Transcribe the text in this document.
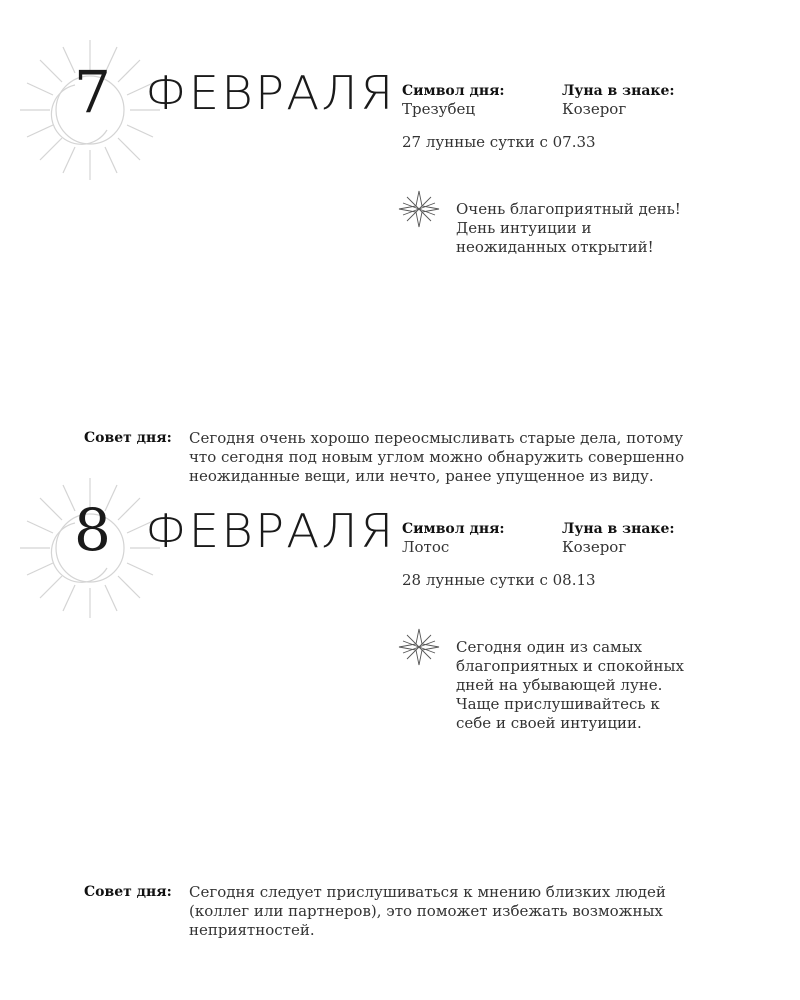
7 ФЕВРАЛЯ Символ дня:
Трезубец
Луна в знаке:
Козерог
27 лунные сутки с 07.33
Очень благоприятный день! День интуиции и неожиданных открытий!
Совет дня: Сегодня очень хорошо переосмысливать старые дела, потому что сегодня под новым углом можно обнаружить совершенно неожиданные вещи, или нечто, ранее упущенное из виду.
8 ФЕВРАЛЯ Символ дня:
Лотос
Луна в знаке:
Козерог
28 лунные сутки с 08.13
Сегодня один из самых благоприятных и спокойных дней на убывающей луне. Чаще прислушивайтесь к себе и своей интуиции.
Совет дня: Сегодня следует прислушиваться к мнению близких людей (коллег или партнеров), это поможет избежать возможных неприятностей.
